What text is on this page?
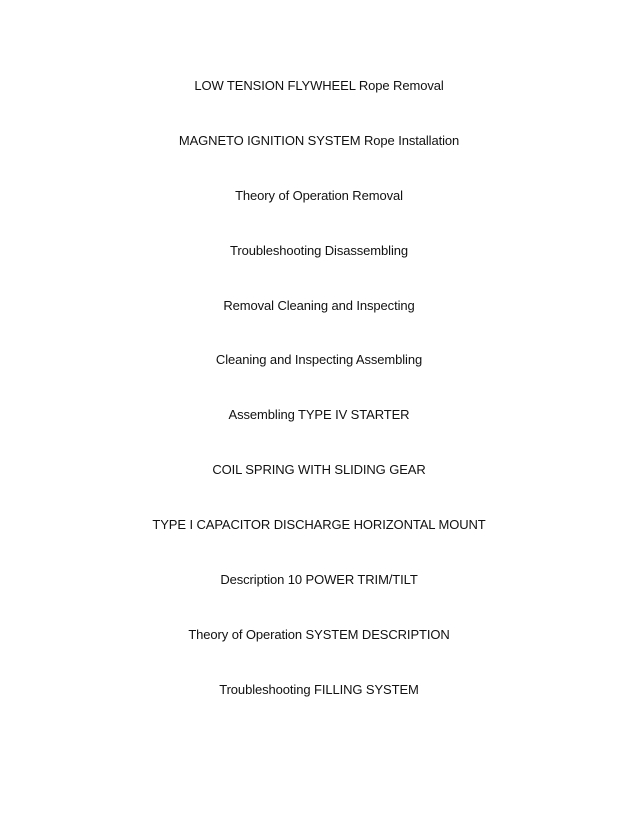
LOW TENSION FLYWHEEL Rope Removal
MAGNETO IGNITION SYSTEM Rope Installation
Theory of Operation Removal
Troubleshooting Disassembling
Removal Cleaning and Inspecting
Cleaning and Inspecting Assembling
Assembling TYPE IV STARTER
COIL SPRING WITH SLIDING GEAR
TYPE I CAPACITOR DISCHARGE HORIZONTAL MOUNT
Description 10 POWER TRIM/TILT
Theory of Operation SYSTEM DESCRIPTION
Troubleshooting FILLING SYSTEM
